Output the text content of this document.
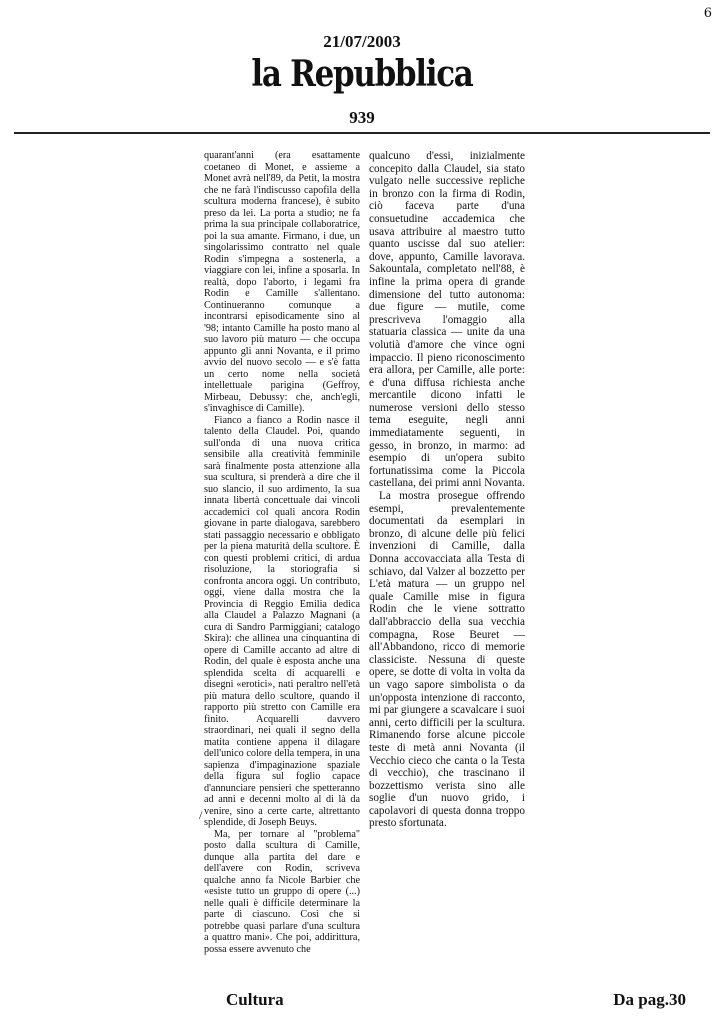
6
21/07/2003
la Repubblica
939

quarant'anni (era esattamente coetaneo di Monet, e assieme a Monet avrà nell'89, da Petit, la mostra che ne farà l'indiscusso capofila della scultura moderna francese), è subito preso da lei. La porta a studio; ne fa prima la sua principale collaboratrice, poi la sua amante. Firmano, i due, un singolarissimo contratto nel quale Rodin s'impegna a sostenerla, a viaggiare con lei, infine a sposarla. In realtà, dopo l'aborto, i legami fra Rodin e Camille s'allentano. Continueranno comunque a incontrarsi episodicamente sino al '98; intanto Camille ha posto mano al suo lavoro più maturo — che occupa appunto gli anni Novanta, e il primo avvio del nuovo secolo — e s'è fatta un certo nome nella società intellettuale parigina (Geffroy, Mirbeau, Debussy: che, anch'egli, s'invaghisce di Camille).

Fianco a fianco a Rodin nasce il talento della Claudel. Poi, quando sull'onda di una nuova critica sensibile alla creatività femminile sarà finalmente posta attenzione alla sua scultura, si prenderà a dire che il suo slancio, il suo ardimento, la sua innata libertà concettuale dai vincoli accademici col quali ancora Rodin giovane in parte dialogava, sarebbero stati passaggio necessario e obbligato per la piena maturità della scultore. È con questi problemi critici, di ardua risoluzione, la storiografia si confronta ancora oggi. Un contributo, oggi, viene dalla mostra che la Provincia di Reggio Emilia dedica alla Claudel a Palazzo Magnani (a cura di Sandro Parmiggiani; catalogo Skira): che allinea una cinquantina di opere di Camille accanto ad altre di Rodin, del quale è esposta anche una splendida scelta di acquarelli e disegni «erotici», nati peraltro nell'età più matura dello scultore, quando il rapporto più stretto con Camille era finito. Acquarelli davvero straordinari, nei quali il segno della matita contiene appena il dilagare dell'unico colore della tempera, in una sapienza d'impaginazione spaziale della figura sul foglio capace d'annunciare pensieri che spetteranno ad anni e decenni molto al di là da venire, sino a certe carte, altrettanto splendide, di Joseph Beuys.

Ma, per tornare al "problema" posto dalla scultura di Camille, dunque alla partita del dare e dell'avere con Rodin, scriveva qualche anno fa Nicole Barbier che «esiste tutto un gruppo di opere (...) nelle quali è difficile determinare la parte di ciascuno. Così che si potrebbe quasi parlare d'una scultura a quattro mani». Che poi, addirittura, possa essere avvenuto che

/

qualcuno d'essi, inizialmente concepito dalla Claudel, sia stato vulgato nelle successive repliche in bronzo con la firma di Rodin, ciò faceva parte d'una consuetudine accademica che usava attribuire al maestro tutto quanto uscisse dal suo atelier: dove, appunto, Camille lavorava. Sakountala, completato nell'88, è infine la prima opera di grande dimensione del tutto autonoma: due figure — mutile, come prescriveva l'omaggio alla statuaria classica — unite da una volutià d'amore che vince ogni impaccio. Il pieno riconoscimento era allora, per Camille, alle porte: e d'una diffusa richiesta anche mercantile dicono infatti le numerose versioni dello stesso tema eseguite, negli anni immediatamente seguenti, in gesso, in bronzo, in marmo: ad esempio di un'opera subito fortunatissima come la Piccola castellana, dei primi anni Novanta.

La mostra prosegue offrendo esempi, prevalentemente documentati da esemplari in bronzo, di alcune delle più felici invenzioni di Camille, dalla Donna accovacciata alla Testa di schiavo, dal Valzer al bozzetto per L'età matura — un gruppo nel quale Camille mise in figura Rodin che le viene sottratto dall'abbraccio della sua vecchia compagna, Rose Beuret — all'Abbandono, ricco di memorie classiciste. Nessuna di queste opere, se dotte di volta in volta da un vago sapore simbolista o da un'opposta intenzione di racconto, mi par giungere a scavalcare i suoi anni, certo difficili per la scultura. Rimanendo forse alcune piccole teste di metà anni Novanta (il Vecchio cieco che canta o la Testa di vecchio), che trascinano il bozzettismo verista sino alle soglie d'un nuovo grido, i capolavori di questa donna troppo presto sfortunata.

Cultura	Da pag.30
